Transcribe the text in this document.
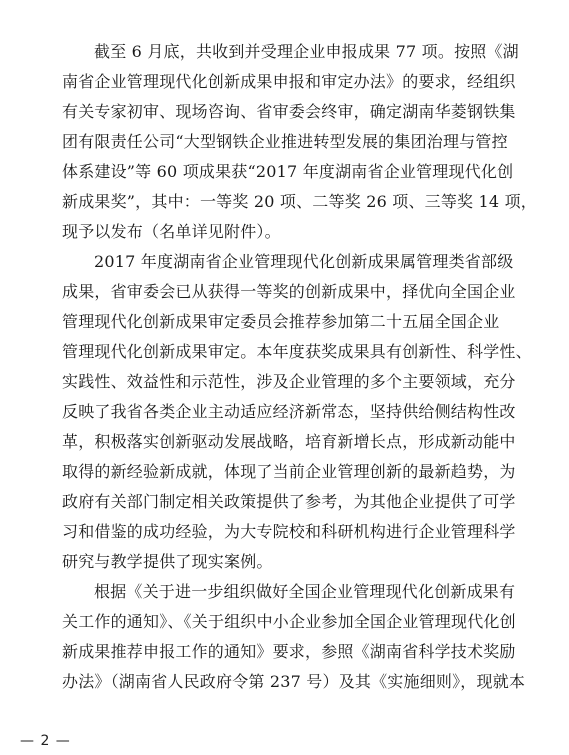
截至 6 月底，共收到并受理企业申报成果 77 项。按照《湖
南省企业管理现代化创新成果申报和审定办法》的要求，经组织
有关专家初审、现场咨询、省审委会终审，确定湖南华菱钢铁集
团有限责任公司“大型钢铁企业推进转型发展的集团治理与管控
体系建设”等 60 项成果获“2017 年度湖南省企业管理现代化创
新成果奖”，其中：一等奖 20 项、二等奖 26 项、三等奖 14 项，
现予以发布（名单详见附件）。

2017 年度湖南省企业管理现代化创新成果属管理类省部级
成果，省审委会已从获得一等奖的创新成果中，择优向全国企业
管理现代化创新成果审定委员会推荐参加第二十五届全国企业
管理现代化创新成果审定。本年度获奖成果具有创新性、科学性、
实践性、效益性和示范性，涉及企业管理的多个主要领域，充分
反映了我省各类企业主动适应经济新常态，坚持供给侧结构性改
革，积极落实创新驱动发展战略，培育新增长点，形成新动能中
取得的新经验新成就，体现了当前企业管理创新的最新趋势，为
政府有关部门制定相关政策提供了参考，为其他企业提供了可学
习和借鉴的成功经验，为大专院校和科研机构进行企业管理科学
研究与教学提供了现实案例。

根据《关于进一步组织做好全国企业管理现代化创新成果有
关工作的通知》、《关于组织中小企业参加全国企业管理现代化创
新成果推荐申报工作的通知》要求，参照《湖南省科学技术奖励
办法》（湖南省人民政府令第 237 号）及其《实施细则》，现就本

— 2 —
